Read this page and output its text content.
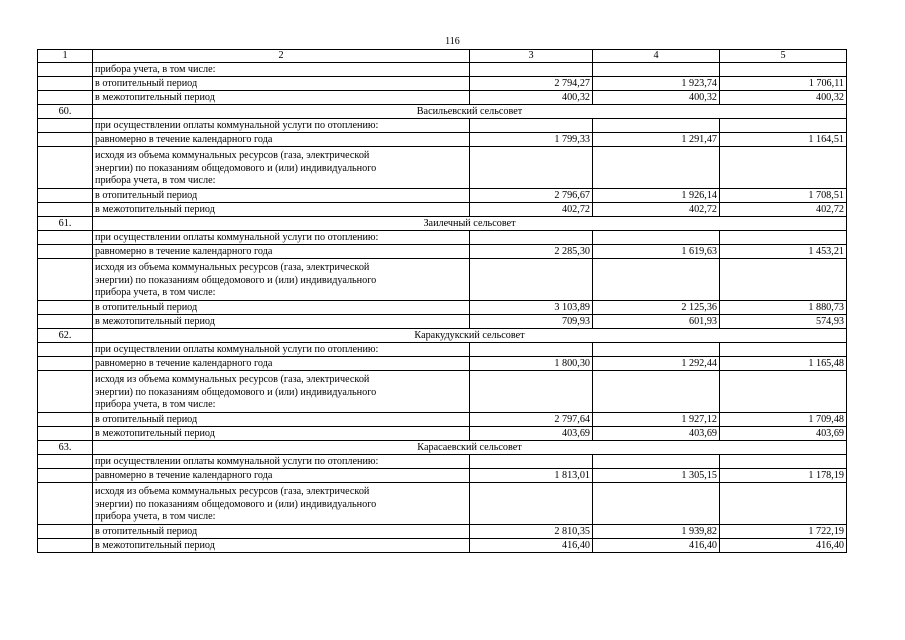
116
1	2	3	4	5
	прибора учета, в том числе:			
	в отопительный период	2 794,27	1 923,74	1 706,11
	в межотопительный период	400,32	400,32	400,32
60.	Васильевский сельсовет			
	при осуществлении оплаты коммунальной услуги по отоплению:			
	равномерно в течение календарного года	1 799,33	1 291,47	1 164,51

	исходя из объема коммунальных ресурсов (газа, электрической
энергии) по показаниям общедомового и (или) индивидуального
прибора учета, в том числе:			

	в отопительный период	2 796,67	1 926,14	1 708,51
	в межотопительный период	402,72	402,72	402,72
61.	Заилечный сельсовет			
	при осуществлении оплаты коммунальной услуги по отоплению:			
	равномерно в течение календарного года	2 285,30	1 619,63	1 453,21

	исходя из объема коммунальных ресурсов (газа, электрической
энергии) по показаниям общедомового и (или) индивидуального
прибора учета, в том числе:			

	в отопительный период	3 103,89	2 125,36	1 880,73
	в межотопительный период	709,93	601,93	574,93
62.	Каракудукский сельсовет			
	при осуществлении оплаты коммунальной услуги по отоплению:			
	равномерно в течение календарного года	1 800,30	1 292,44	1 165,48

	исходя из объема коммунальных ресурсов (газа, электрической
энергии) по показаниям общедомового и (или) индивидуального
прибора учета, в том числе:			

	в отопительный период	2 797,64	1 927,12	1 709,48
	в межотопительный период	403,69	403,69	403,69
63.	Карасаевский сельсовет			
	при осуществлении оплаты коммунальной услуги по отоплению:			
	равномерно в течение календарного года	1 813,01	1 305,15	1 178,19

	исходя из объема коммунальных ресурсов (газа, электрической
энергии) по показаниям общедомового и (или) индивидуального
прибора учета, в том числе:			

	в отопительный период	2 810,35	1 939,82	1 722,19
	в межотопительный период	416,40	416,40	416,40
